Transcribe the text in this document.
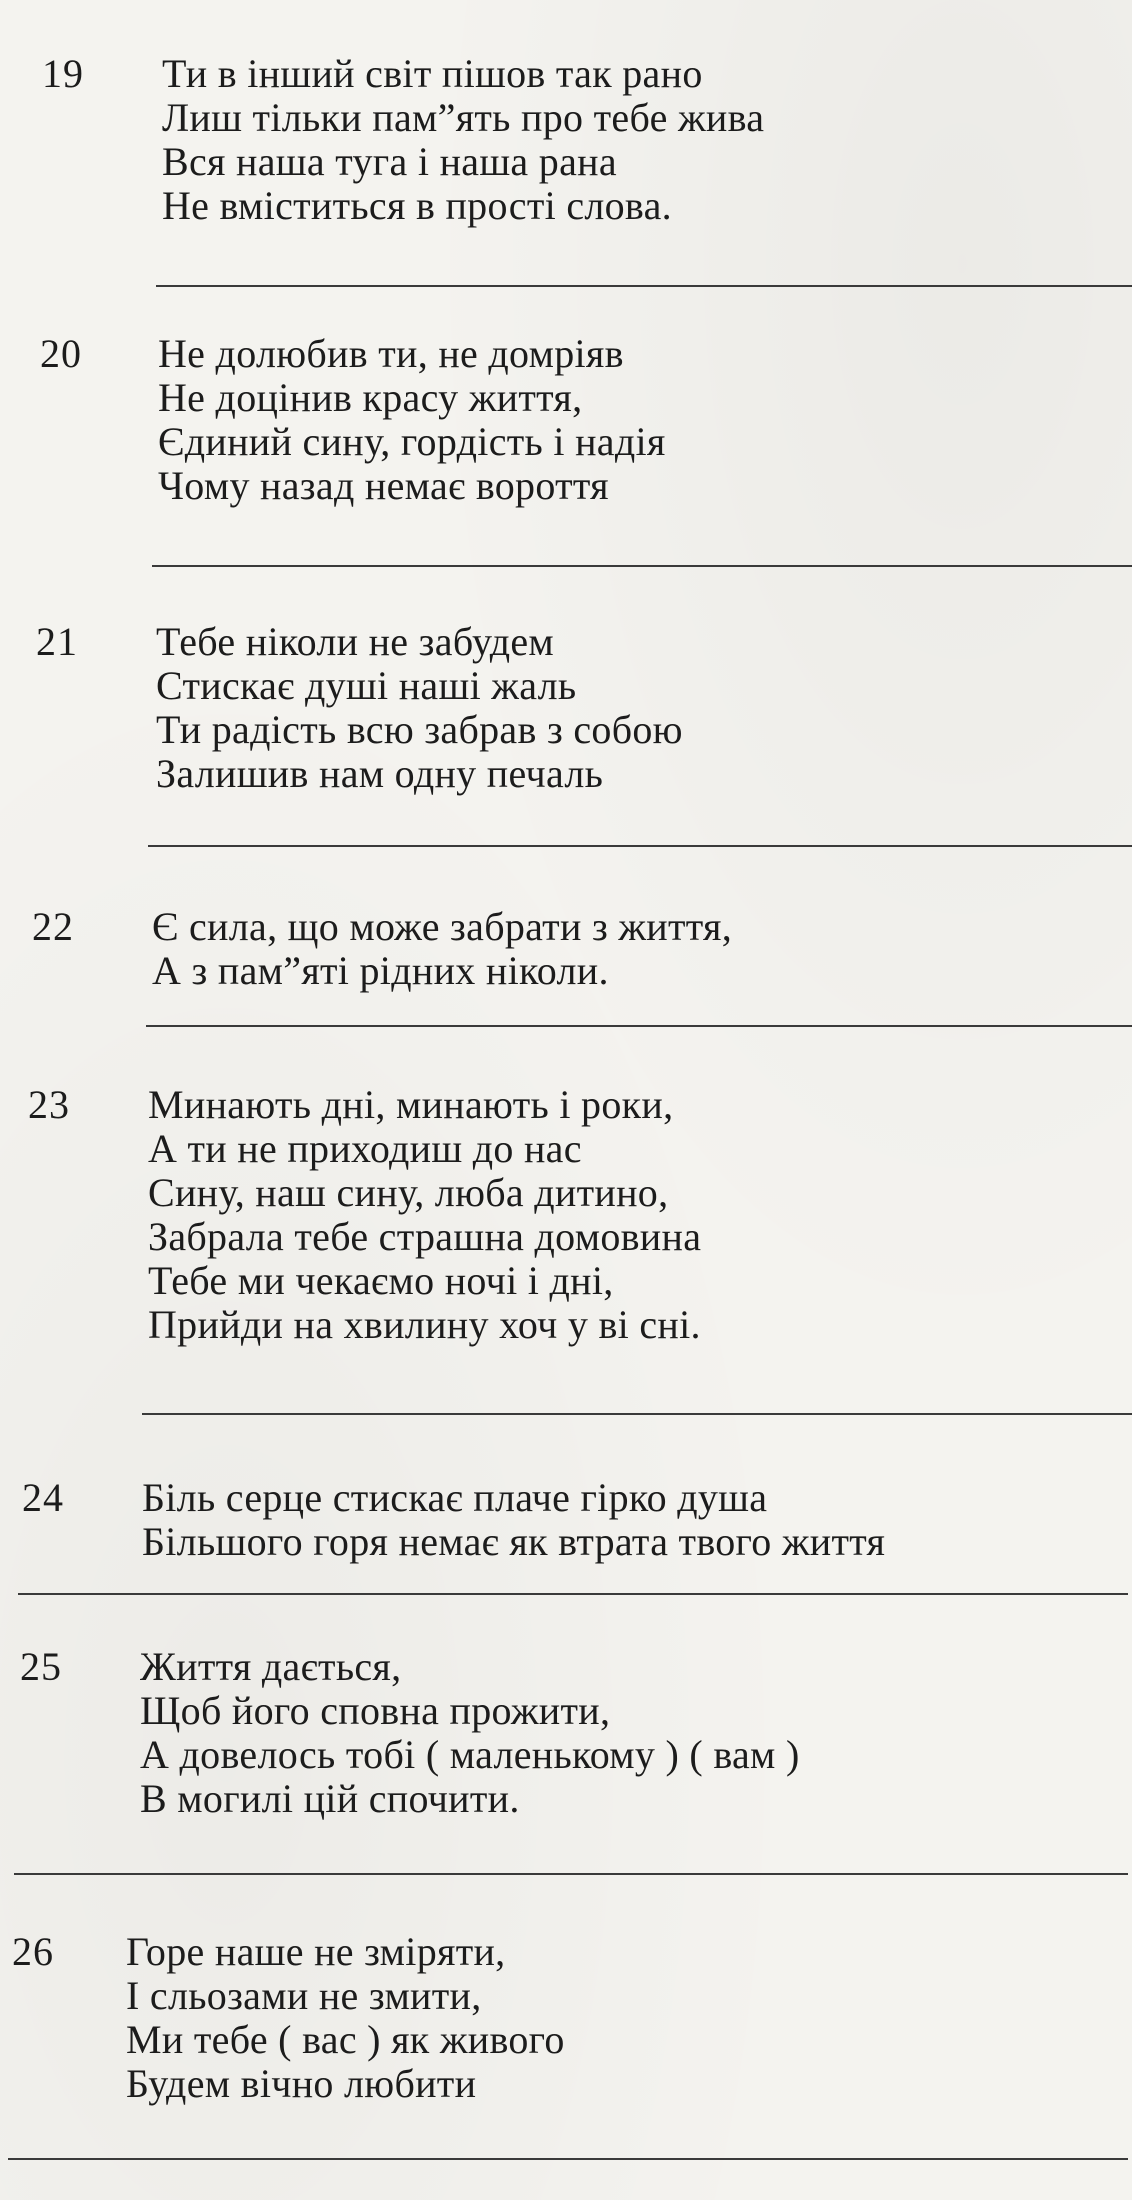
19 Ти в інший світ пішов так рано
Лиш тільки пам”ять про тебе жива
Вся наша туга і наша рана
Не вміститься в прості слова.
20 Не долюбив ти, не домріяв
Не доцінив красу життя,
Єдиний сину, гордість і надія
Чому назад немає вороття
21 Тебе ніколи не забудем
Стискає душі наші жаль
Ти радість всю забрав з собою
Залишив нам одну печаль
22 Є сила, що може забрати з життя,
А з пам”яті рідних ніколи.
23 Минають дні, минають і роки,
А ти не приходиш до нас
Сину, наш сину, люба дитино,
Забрала тебе страшна домовина
Тебе ми чекаємо ночі і дні,
Прийди на хвилину хоч у ві сні.
24 Біль серце стискає плаче гірко душа
Більшого горя немає як втрата твого життя
25 Життя дається,
Щоб його сповна прожити,
А довелось тобі ( маленькому ) ( вам )
В могилі цій спочити.
26 Горе наше не зміряти,
І сльозами не змити,
Ми тебе ( вас ) як живого
Будем вічно любити
